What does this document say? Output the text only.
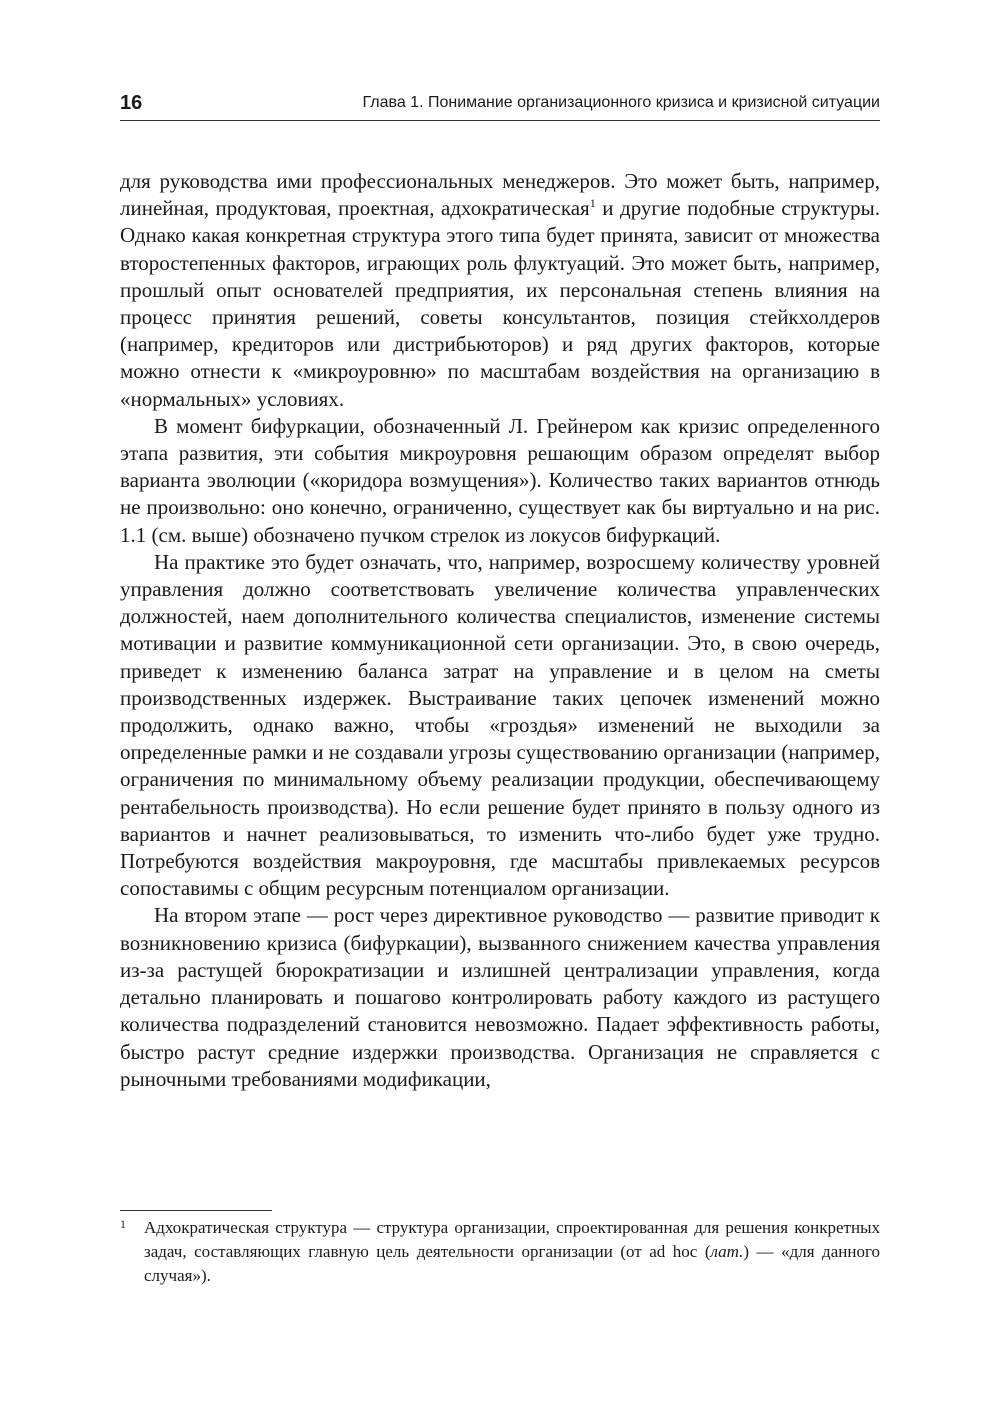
16	Глава 1. Понимание организационного кризиса и кризисной ситуации

для руководства ими профессиональных менеджеров. Это может быть, например, линейная, продуктовая, проектная, адхократическая$^1$ и другие подобные структуры. Однако какая конкретная структура этого типа будет принята, зависит от множества второстепенных факторов, играющих роль флуктуаций. Это может быть, например, прошлый опыт основателей предприятия, их персональная степень влияния на процесс принятия решений, советы консультантов, позиция стейкхолдеров (например, кредиторов или дистрибьюторов) и ряд других факторов, которые можно отнести к «микроуровню» по масштабам воздействия на организацию в «нормальных» условиях.

В момент бифуркации, обозначенный Л. Грейнером как кризис определенного этапа развития, эти события микроуровня решающим образом определят выбор варианта эволюции («коридора возмущения»). Количество таких вариантов отнюдь не произвольно: оно конечно, ограниченно, существует как бы виртуально и на рис. 1.1 (см. выше) обозначено пучком стрелок из локусов бифуркаций.

На практике это будет означать, что, например, возросшему количеству уровней управления должно соответствовать увеличение количества управленческих должностей, наем дополнительного количества специалистов, изменение системы мотивации и развитие коммуникационной сети организации. Это, в свою очередь, приведет к изменению баланса затрат на управление и в целом на сметы производственных издержек. Выстраивание таких цепочек изменений можно продолжить, однако важно, чтобы «гроздья» изменений не выходили за определенные рамки и не создавали угрозы существованию организации (например, ограничения по минимальному объему реализации продукции, обеспечивающему рентабельность производства). Но если решение будет принято в пользу одного из вариантов и начнет реализовываться, то изменить что-либо будет уже трудно. Потребуются воздействия макроуровня, где масштабы привлекаемых ресурсов сопоставимы с общим ресурсным потенциалом организации.

На втором этапе — рост через директивное руководство — развитие приводит к возникновению кризиса (бифуркации), вызванного снижением качества управления из-за растущей бюрократизации и излишней централизации управления, когда детально планировать и пошагово контролировать работу каждого из растущего количества подразделений становится невозможно. Падает эффективность работы, быстро растут средние издержки производства. Организация не справляется с рыночными требованиями модификации,

1 Адхократическая структура — структура организации, спроектированная для решения конкретных задач, составляющих главную цель деятельности организации (от ad hoc (лат.) — «для данного случая»).
